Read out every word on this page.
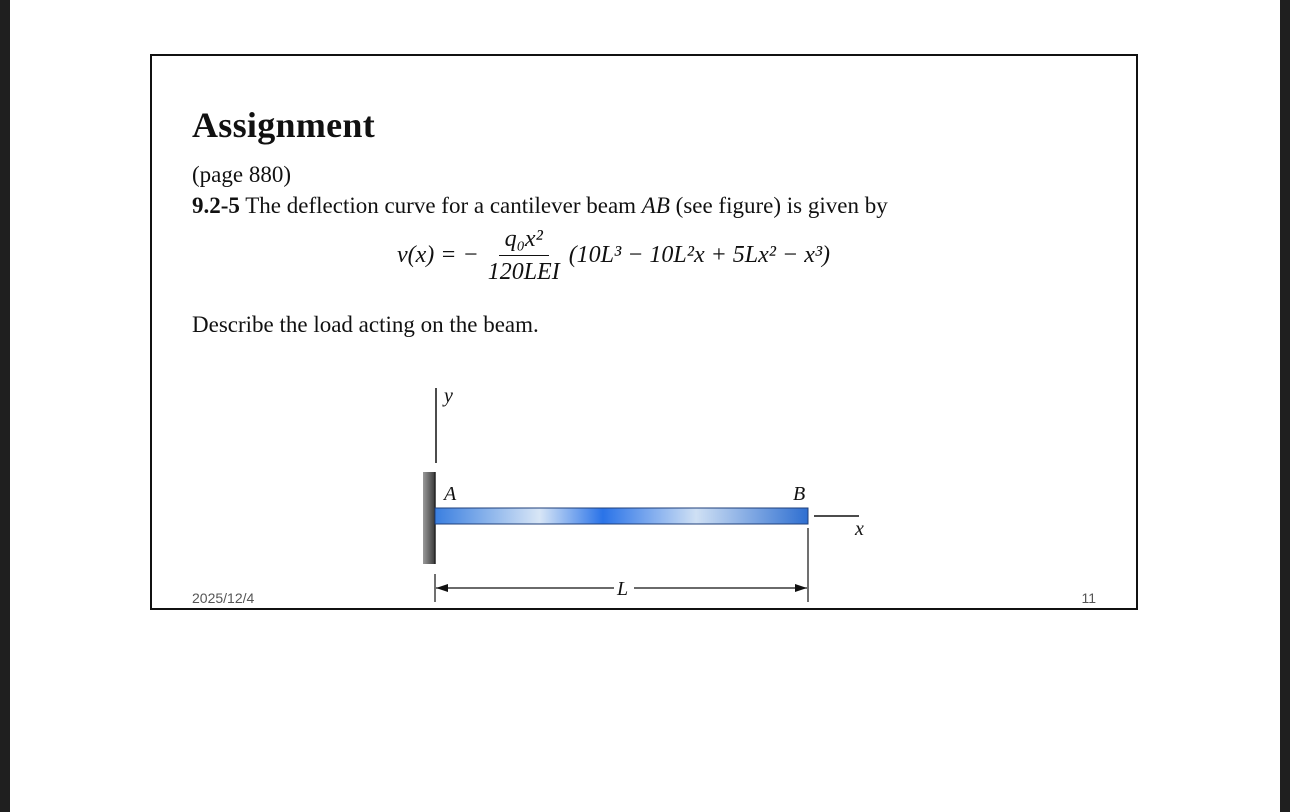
Assignment
(page 880)
9.2-5 The deflection curve for a cantilever beam AB (see figure) is given by
v(x) = − $\frac{\text{q₀x²}}{\text{120LEI}} (10L^3 - 10L^2x + 5Lx^2 - x^3)$
Describe the load acting on the beam.
y
A	B
x
L
2025/12/4	11
